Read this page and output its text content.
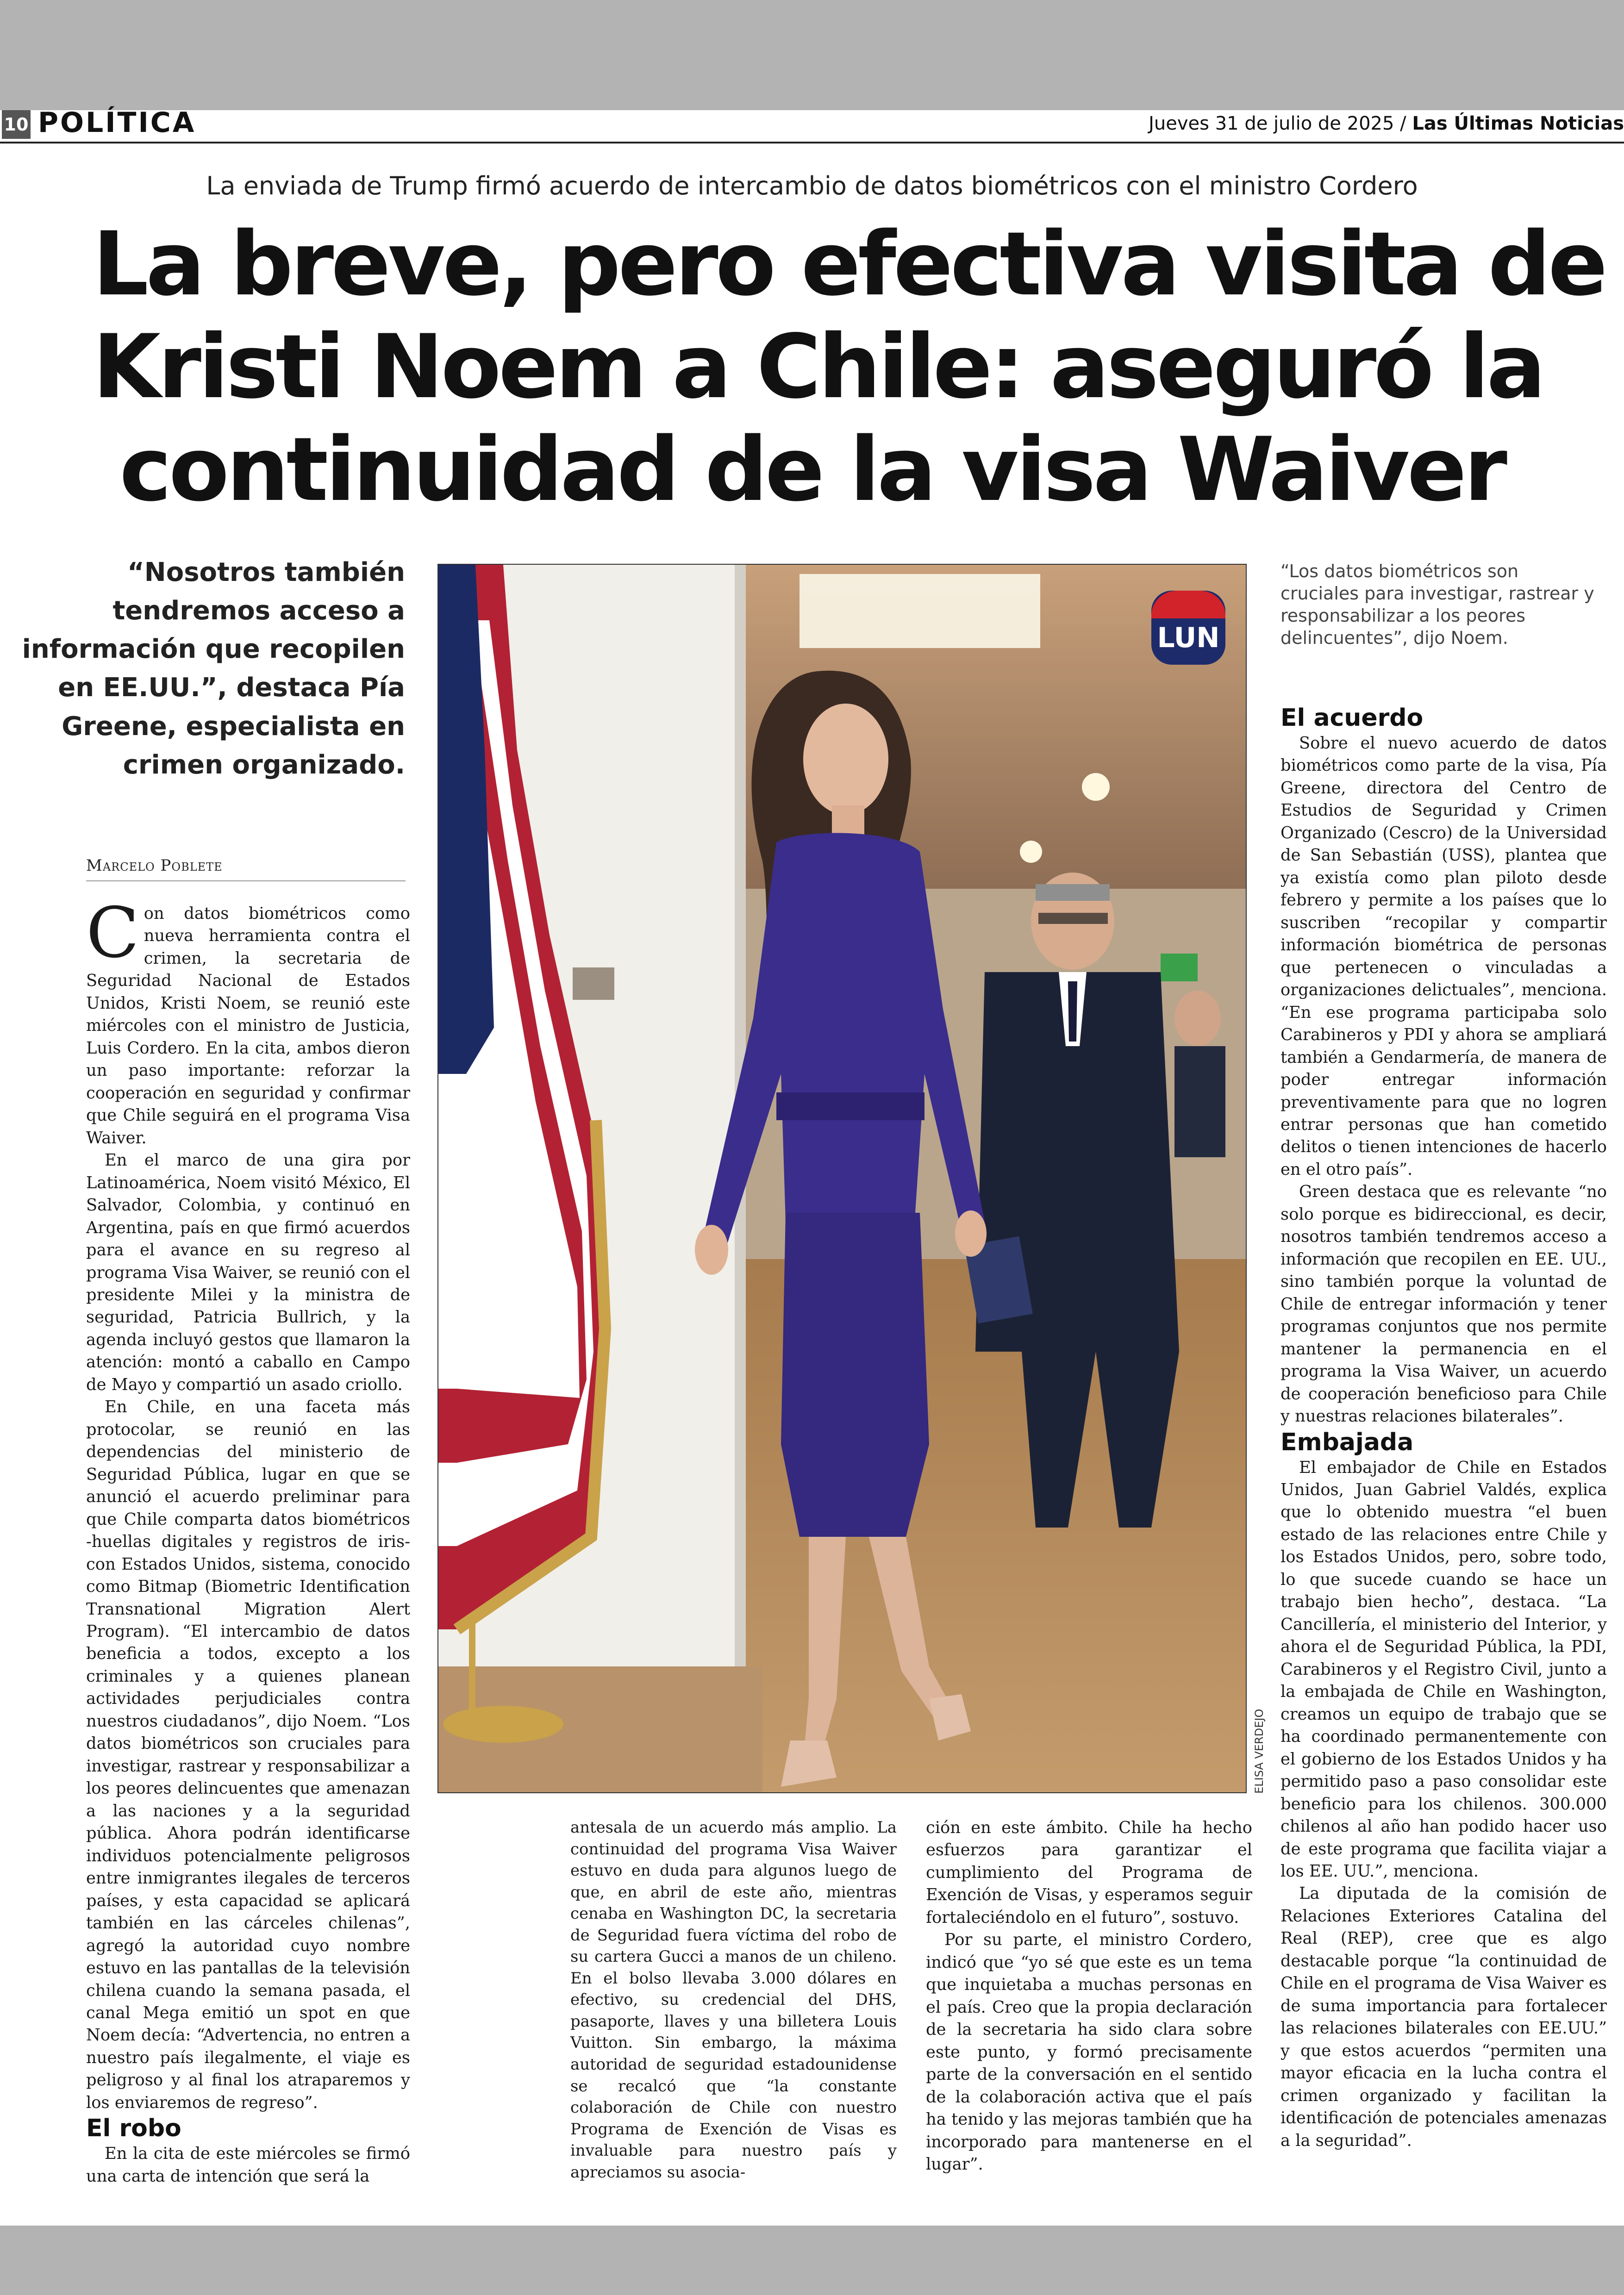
10 POLÍTICA	Jueves 31 de julio de 2025 / Las Últimas Noticias
La enviada de Trump firmó acuerdo de intercambio de datos biométricos con el ministro Cordero
La breve, pero efectiva visita de
Kristi Noem a Chile: aseguró la
continuidad de la visa Waiver
“Nosotros también tendremos acceso a información que recopilen en EE.UU.”, destaca Pía Greene, especialista en crimen organizado.
Marcelo Poblete

Con datos biométricos como nueva herramienta contra el crimen, la secretaria de Seguridad Nacional de Estados Unidos, Kristi Noem, se reunió este miércoles con el ministro de Justicia, Luis Cordero. En la cita, ambos dieron un paso importante: reforzar la cooperación en seguridad y confirmar que Chile seguirá en el programa Visa Waiver.

En el marco de una gira por Latinoamérica, Noem visitó México, El Salvador, Colombia, y continuó en Argentina, país en que firmó acuerdos para el avance en su regreso al programa Visa Waiver, se reunió con el presidente Milei y la ministra de seguridad, Patricia Bullrich, y la agenda incluyó gestos que llamaron la atención: montó a caballo en Campo de Mayo y compartió un asado criollo.

En Chile, en una faceta más protocolar, se reunió en las dependencias del ministerio de Seguridad Pública, lugar en que se anunció el acuerdo preliminar para que Chile comparta datos biométricos -huellas digitales y registros de iris- con Estados Unidos, sistema, conocido como Bitmap (Biometric Identification Transnational Migration Alert Program). “El intercambio de datos beneficia a todos, excepto a los criminales y a quienes planean actividades perjudiciales contra nuestros ciudadanos”, dijo Noem. “Los datos biométricos son cruciales para investigar, rastrear y responsabilizar a los peores delincuentes que amenazan a las naciones y a la seguridad pública. Ahora podrán identificarse individuos potencialmente peligrosos entre inmigrantes ilegales de terceros países, y esta capacidad se aplicará también en las cárceles chilenas”, agregó la autoridad cuyo nombre estuvo en las pantallas de la televisión chilena cuando la semana pasada, el canal Mega emitió un spot en que Noem decía: “Advertencia, no entren a nuestro país ilegalmente, el viaje es peligroso y al final los atraparemos y los enviaremos de regreso”.

El robo

En la cita de este miércoles se firmó una carta de intención que será la

LUN
ELISA VERDEJO
“Los datos biométricos son cruciales para investigar, rastrear y responsabilizar a los peores delincuentes”, dijo Noem.

El acuerdo

Sobre el nuevo acuerdo de datos biométricos como parte de la visa, Pía Greene, directora del Centro de Estudios de Seguridad y Crimen Organizado (Cescro) de la Universidad de San Sebastián (USS), plantea que ya existía como plan piloto desde febrero y permite a los países que lo suscriben “recopilar y compartir información biométrica de personas que pertenecen o vinculadas a organizaciones delictuales”, menciona. “En ese programa participaba solo Carabineros y PDI y ahora se ampliará también a Gendarmería, de manera de poder entregar información preventivamente para que no logren entrar personas que han cometido delitos o tienen intenciones de hacerlo en el otro país”.

Green destaca que es relevante “no solo porque es bidireccional, es decir, nosotros también tendremos acceso a información que recopilen en EE. UU., sino también porque la voluntad de Chile de entregar información y tener programas conjuntos que nos permite mantener la permanencia en el programa la Visa Waiver, un acuerdo de cooperación beneficioso para Chile y nuestras relaciones bilaterales”.

Embajada

El embajador de Chile en Estados Unidos, Juan Gabriel Valdés, explica que lo obtenido muestra “el buen estado de las relaciones entre Chile y los Estados Unidos, pero, sobre todo, lo que sucede cuando se hace un trabajo bien hecho”, destaca. “La Cancillería, el ministerio del Interior, y ahora el de Seguridad Pública, la PDI, Carabineros y el Registro Civil, junto a la embajada de Chile en Washington, creamos un equipo de trabajo que se ha coordinado permanentemente con el gobierno de los Estados Unidos y ha permitido paso a paso consolidar este beneficio para los chilenos. 300.000 chilenos al año han podido hacer uso de este programa que facilita viajar a los EE. UU.”, menciona.

La diputada de la comisión de Relaciones Exteriores Catalina del Real (REP), cree que es algo destacable porque “la continuidad de Chile en el programa de Visa Waiver es de suma importancia para fortalecer las relaciones bilaterales con EE.UU.” y que estos acuerdos “permiten una mayor eficacia en la lucha contra el crimen organizado y facilitan la identificación de potenciales amenazas a la seguridad”.

antesala de un acuerdo más amplio. La continuidad del programa Visa Waiver estuvo en duda para algunos luego de que, en abril de este año, mientras cenaba en Washington DC, la secretaria de Seguridad fuera víctima del robo de su cartera Gucci a manos de un chileno. En el bolso llevaba 3.000 dólares en efectivo, su credencial del DHS, pasaporte, llaves y una billetera Louis Vuitton. Sin embargo, la máxima autoridad de seguridad estadounidense se recalcó que “la constante colaboración de Chile con nuestro Programa de Exención de Visas es invaluable para nuestro país y apreciamos su asocia-

ción en este ámbito. Chile ha hecho esfuerzos para garantizar el cumplimiento del Programa de Exención de Visas, y esperamos seguir fortaleciéndolo en el futuro”, sostuvo.

Por su parte, el ministro Cordero, indicó que “yo sé que este es un tema que inquietaba a muchas personas en el país. Creo que la propia declaración de la secretaria ha sido clara sobre este punto, y formó precisamente parte de la conversación en el sentido de la colaboración activa que el país ha tenido y las mejoras también que ha incorporado para mantenerse en el lugar”.
